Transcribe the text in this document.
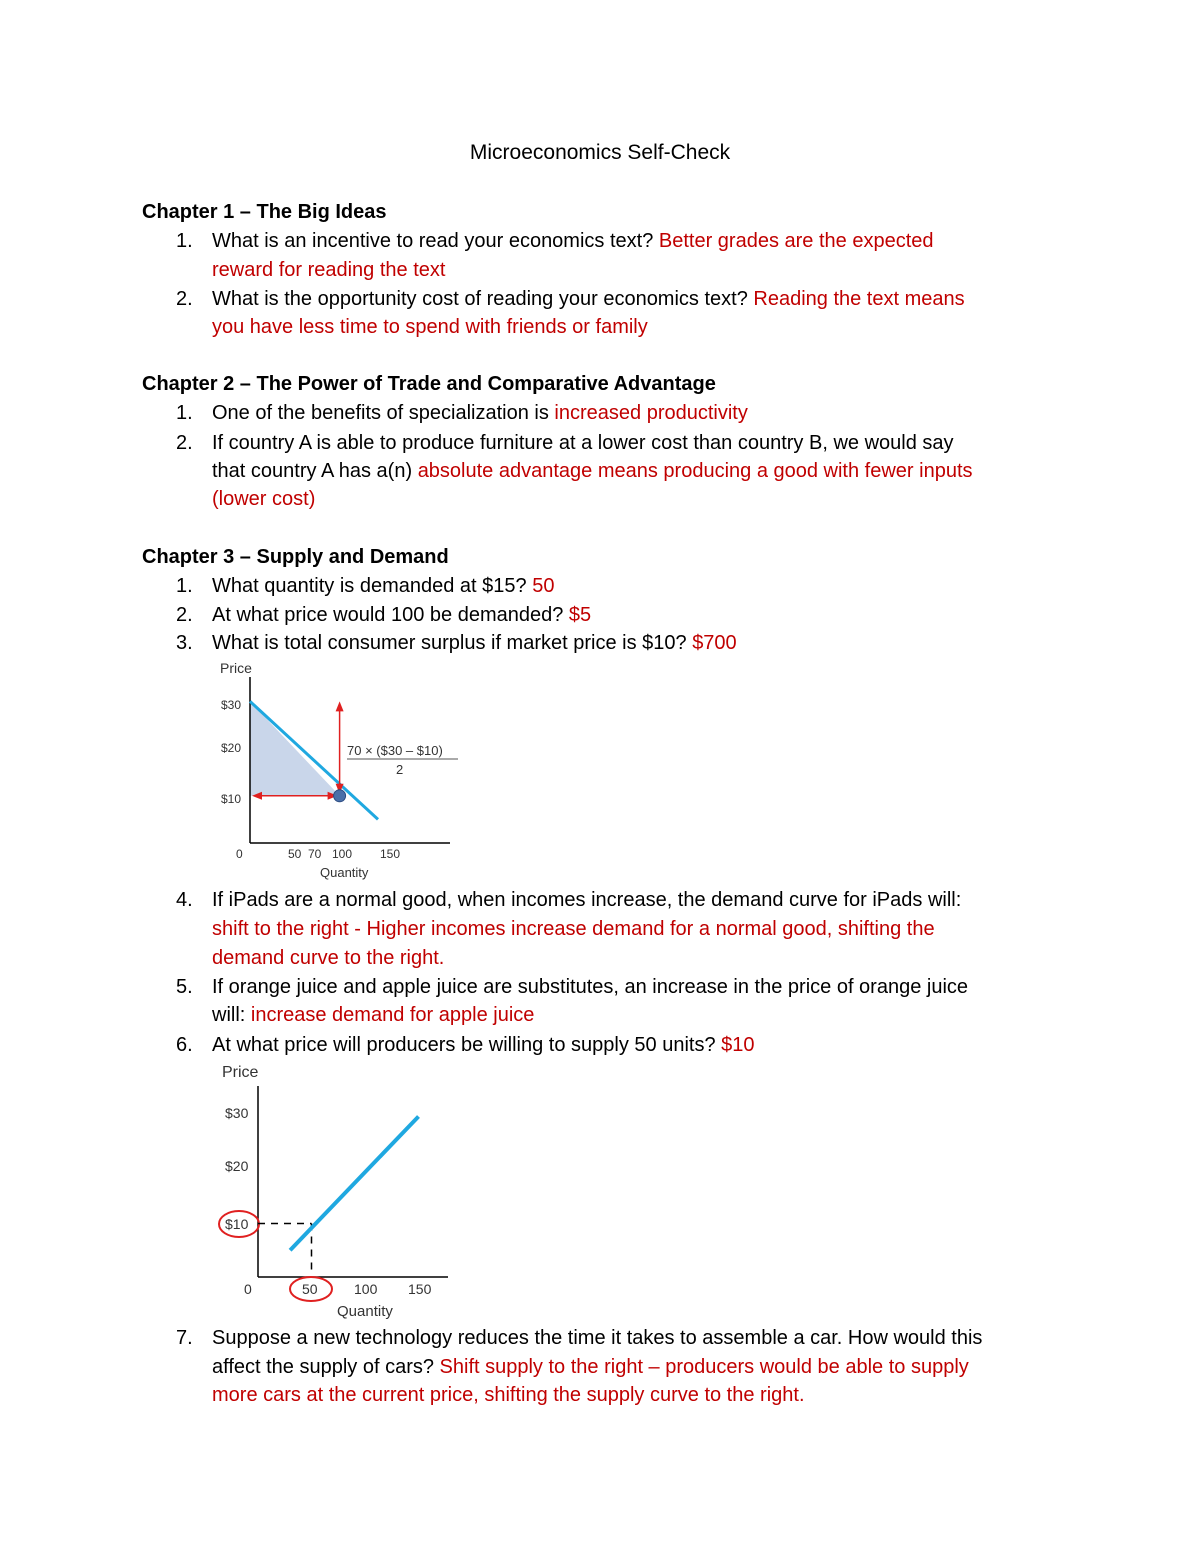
Microeconomics Self-Check
Chapter 1 – The Big Ideas
1. What is an incentive to read your economics text? Better grades are the expected
reward for reading the text
2. What is the opportunity cost of reading your economics text? Reading the text means
you have less time to spend with friends or family
Chapter 2 – The Power of Trade and Comparative Advantage
1. One of the benefits of specialization is increased productivity
2. If country A is able to produce furniture at a lower cost than country B, we would say
that country A has a(n) absolute advantage means producing a good with fewer inputs
(lower cost)
Chapter 3 – Supply and Demand
1. What quantity is demanded at $15? 50
2. At what price would 100 be demanded? $5
3. What is total consumer surplus if market price is $10? $700
Price
$30
$20
$10
70 × ($30 – $10)
2
0	50 70 100 150
Quantity
4. If iPads are a normal good, when incomes increase, the demand curve for iPads will:
shift to the right - Higher incomes increase demand for a normal good, shifting the
demand curve to the right.
5. If orange juice and apple juice are substitutes, an increase in the price of orange juice
will: increase demand for apple juice
6. At what price will producers be willing to supply 50 units? $10
Price
$30
$20
$10
0	50	100 150
Quantity
7. Suppose a new technology reduces the time it takes to assemble a car. How would this
affect the supply of cars? Shift supply to the right – producers would be able to supply
more cars at the current price, shifting the supply curve to the right.
